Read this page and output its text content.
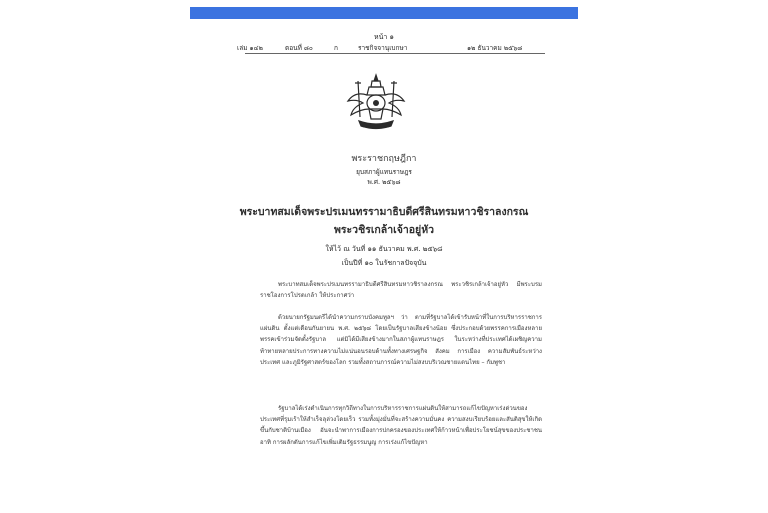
หน้า ๑
เล่ม ๑๔๒	ตอนที่ ๘๐	ก	ราชกิจจานุเบกษา	๑๒ ธันวาคม ๒๕๖๘
พระราชกฤษฎีกา
ยุบสภาผู้แทนราษฎร
พ.ศ. ๒๕๖๘
พระบาทสมเด็จพระปรเมนทรรามาธิบดีศรีสินทรมหาวชิราลงกรณ
พระวชิรเกล้าเจ้าอยู่หัว
ให้ไว้ ณ วันที่ ๑๑ ธันวาคม พ.ศ. ๒๕๖๘
เป็นปีที่ ๑๐ ในรัชกาลปัจจุบัน
พระบาทสมเด็จพระปรเมนทรรามาธิบดีศรีสินทรมหาวชิราลงกรณ พระวชิรเกล้าเจ้าอยู่หัว มีพระบรมราชโองการโปรดเกล้า ให้ประกาศว่า
ด้วยนายกรัฐมนตรีได้นำความกราบบังคมทูลฯ ว่า ตามที่รัฐบาลได้เข้ารับหน้าที่ในการบริหารราชการแผ่นดิน ตั้งแต่เดือนกันยายน พ.ศ. ๒๕๖๘ โดยเป็นรัฐบาลเสียงข้างน้อย ซึ่งประกอบด้วยพรรคการเมืองหลายพรรคเข้าร่วมจัดตั้งรัฐบาล แต่มิได้มีเสียงข้างมากในสภาผู้แทนราษฎร ในระหว่างที่ประเทศได้เผชิญความท้าทายหลายประการทางความไม่แน่นอนรอบด้านทั้งทางเศรษฐกิจ สังคม การเมือง ความสัมพันธ์ระหว่างประเทศ และภูมิรัฐศาสตร์ของโลก รวมทั้งสถานการณ์ความไม่สงบบริเวณชายแดนไทย – กัมพูชา
รัฐบาลได้เร่งดำเนินการทุกวิถีทางในการบริหารราชการแผ่นดินให้สามารถแก้ไขปัญหาเร่งด่วนของประเทศที่รุมเร้าให้สำเร็จลุล่วงโดยเร็ว รวมทั้งมุ่งมั่นที่จะสร้างความมั่นคง ความสงบเรียบร้อยและสันติสุขให้เกิดขึ้นกับชาติบ้านเมือง อันจะนำพาการเมืองการปกครองของประเทศให้ก้าวหน้าเพื่อประโยชน์สุขของประชาชน อาทิ การผลักดันการแก้ไขเพิ่มเติมรัฐธรรมนูญ การเร่งแก้ไขปัญหา
